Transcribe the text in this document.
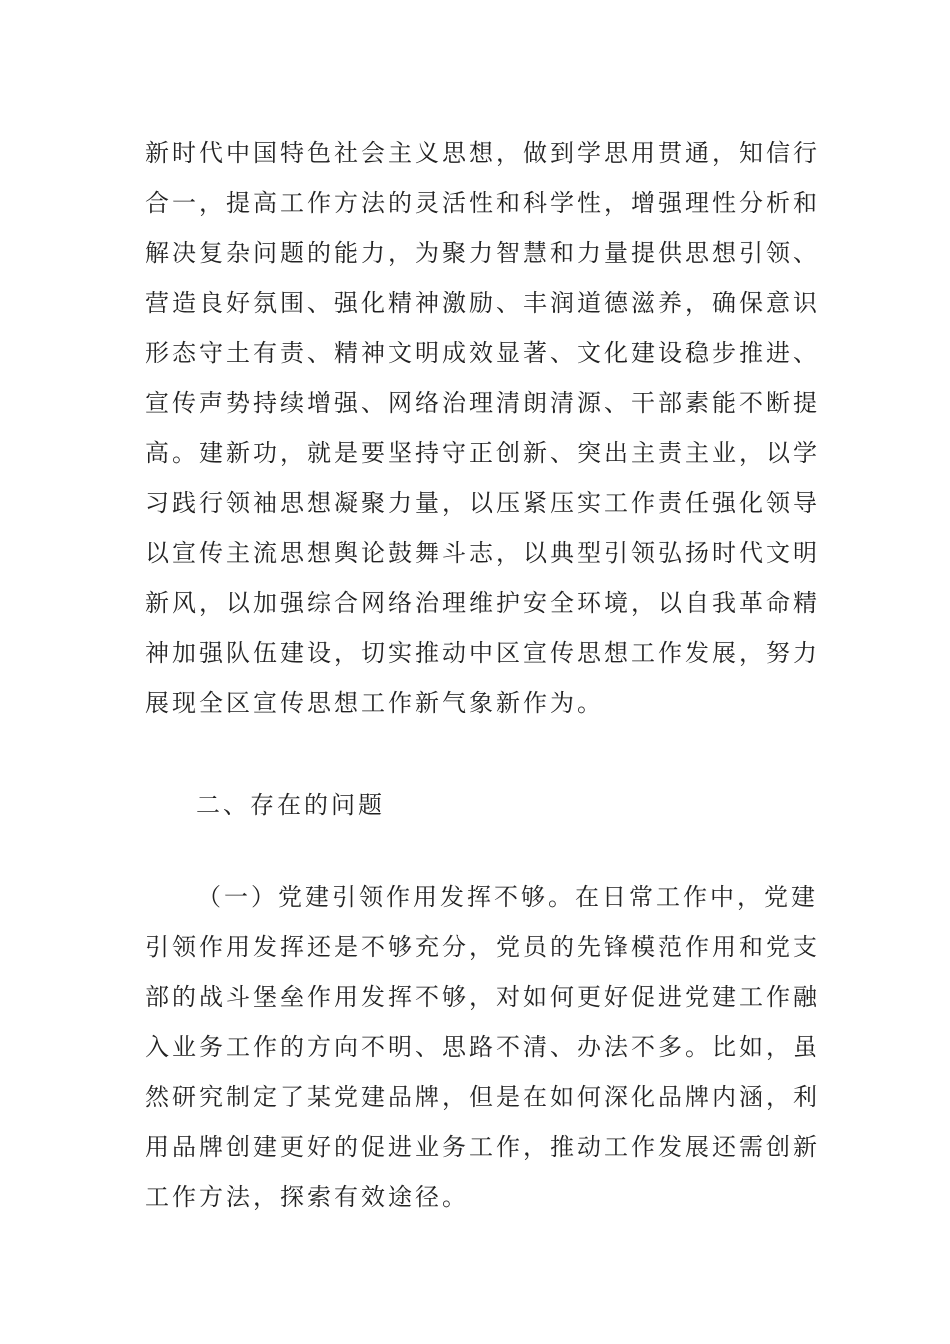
新时代中国特色社会主义思想，做到学思用贯通，知信行
合一，提高工作方法的灵活性和科学性，增强理性分析和
解决复杂问题的能力，为聚力智慧和力量提供思想引领、
营造良好氛围、强化精神激励、丰润道德滋养，确保意识
形态守土有责、精神文明成效显著、文化建设稳步推进、
宣传声势持续增强、网络治理清朗清源、干部素能不断提
高。建新功，就是要坚持守正创新、突出主责主业，以学
习践行领袖思想凝聚力量，以压紧压实工作责任强化领导
以宣传主流思想舆论鼓舞斗志，以典型引领弘扬时代文明
新风，以加强综合网络治理维护安全环境，以自我革命精
神加强队伍建设，切实推动中区宣传思想工作发展，努力
展现全区宣传思想工作新气象新作为。
二、存在的问题
（一）党建引领作用发挥不够。在日常工作中，党建
引领作用发挥还是不够充分，党员的先锋模范作用和党支
部的战斗堡垒作用发挥不够，对如何更好促进党建工作融
入业务工作的方向不明、思路不清、办法不多。比如，虽
然研究制定了某党建品牌，但是在如何深化品牌内涵，利
用品牌创建更好的促进业务工作，推动工作发展还需创新
工作方法，探索有效途径。
